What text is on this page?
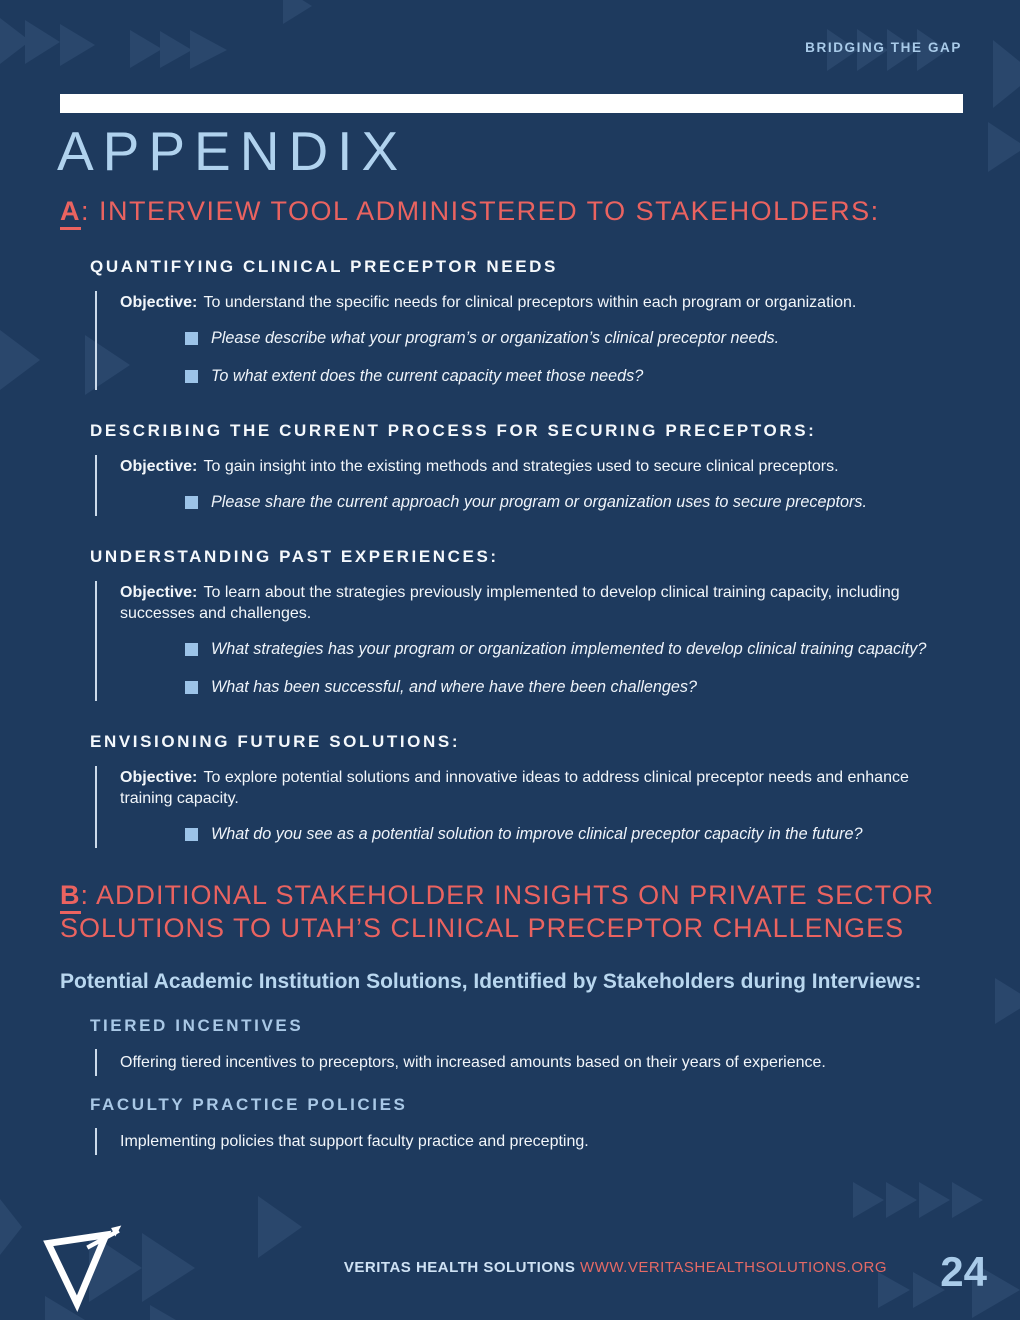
BRIDGING THE GAP
APPENDIX
A: INTERVIEW TOOL ADMINISTERED TO STAKEHOLDERS:
QUANTIFYING CLINICAL PRECEPTOR NEEDS

Objective: To understand the specific needs for clinical preceptors within each program or organization.

Please describe what your program’s or organization’s clinical preceptor needs.
To what extent does the current capacity meet those needs?
DESCRIBING THE CURRENT PROCESS FOR SECURING PRECEPTORS:

Objective: To gain insight into the existing methods and strategies used to secure clinical preceptors.

Please share the current approach your program or organization uses to secure preceptors.
UNDERSTANDING PAST EXPERIENCES:

Objective: To learn about the strategies previously implemented to develop clinical training capacity, including successes and challenges.

What strategies has your program or organization implemented to develop clinical training capacity?
What has been successful, and where have there been challenges?
ENVISIONING FUTURE SOLUTIONS:

Objective: To explore potential solutions and innovative ideas to address clinical preceptor needs and enhance training capacity.

What do you see as a potential solution to improve clinical preceptor capacity in the future?
B: ADDITIONAL STAKEHOLDER INSIGHTS ON PRIVATE SECTOR SOLUTIONS TO UTAH’S CLINICAL PRECEPTOR CHALLENGES
Potential Academic Institution Solutions, Identified by Stakeholders during Interviews:
TIERED INCENTIVES

Offering tiered incentives to preceptors, with increased amounts based on their years of experience.

FACULTY PRACTICE POLICIES

Implementing policies that support faculty practice and precepting.

VERITAS HEALTH SOLUTIONS WWW.VERITASHEALTHSOLUTIONS.ORG 24
